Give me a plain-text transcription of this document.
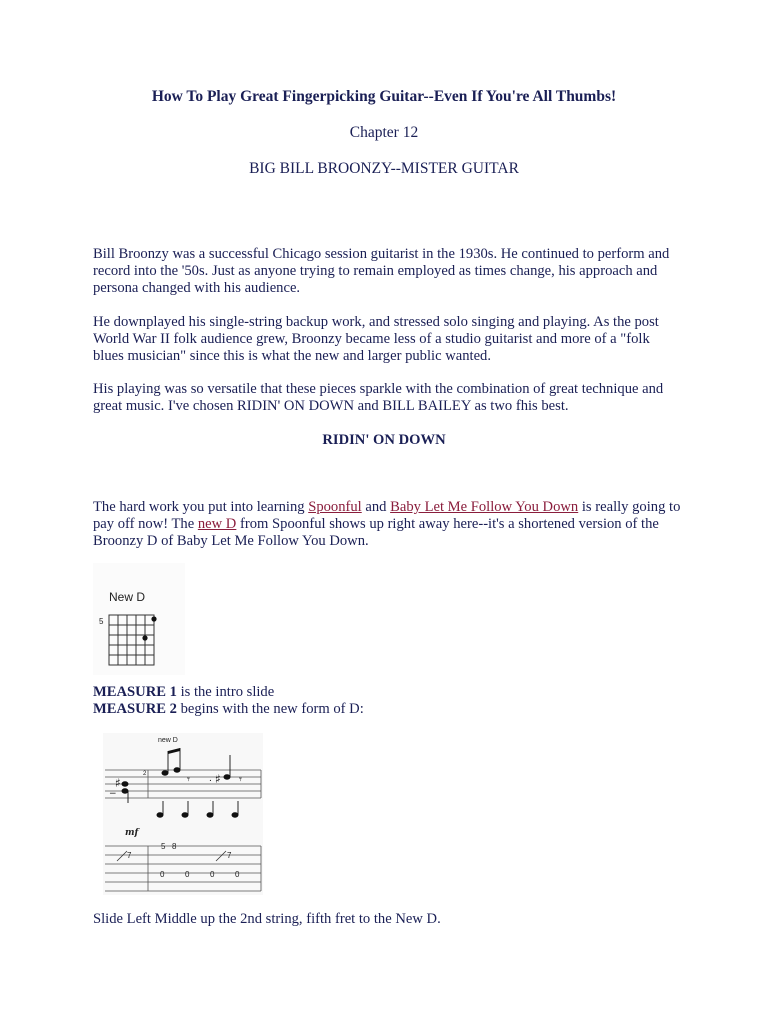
How To Play Great Fingerpicking Guitar--Even If You're All Thumbs!
Chapter 12
BIG BILL BROONZY--MISTER GUITAR

Bill Broonzy was a successful Chicago session guitarist in the 1930s. He continued to perform and record into the '50s. Just as anyone trying to remain employed as times change, his approach and persona changed with his audience.

He downplayed his single-string backup work, and stressed solo singing and playing. As the post World War II folk audience grew, Broonzy became less of a studio guitarist and more of a "folk blues musician" since this is what the new and larger public wanted.

His playing was so versatile that these pieces sparkle with the combination of great technique and great music. I've chosen RIDIN' ON DOWN and BILL BAILEY as two fhis best.

RIDIN' ON DOWN

The hard work you put into learning Spoonful and Baby Let Me Follow You Down is really going to pay off now! The new D from Spoonful shows up right away here--it's a shortened version of the Broonzy D of Baby Let Me Follow You Down.

New D
5
MEASURE 1 is the intro slide
MEASURE 2 begins with the new form of D:
new D
2
−
♯	𝄾 . ♯ 𝄾
mf
7
5 8
0	0	0	0
7
Slide Left Middle up the 2nd string, fifth fret to the New D.
